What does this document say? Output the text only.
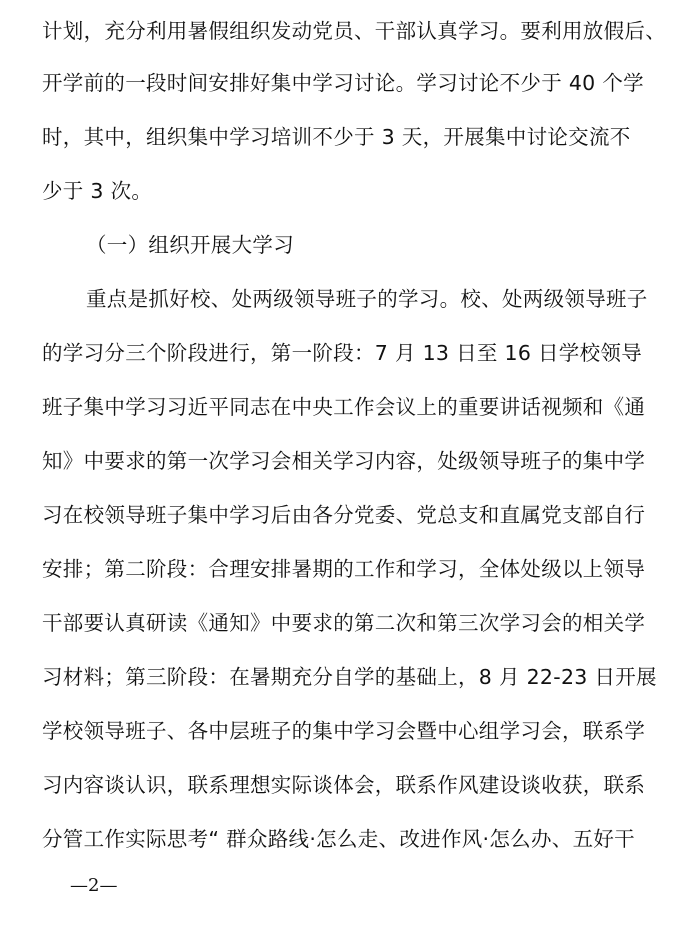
计划，充分利用暑假组织发动党员、干部认真学习。要利用放假后、
开学前的一段时间安排好集中学习讨论。学习讨论不少于 40 个学
时，其中，组织集中学习培训不少于 3 天，开展集中讨论交流不
少于 3 次。
（一）组织开展大学习
重点是抓好校、处两级领导班子的学习。校、处两级领导班子
的学习分三个阶段进行，第一阶段：7 月 13 日至 16 日学校领导
班子集中学习习近平同志在中央工作会议上的重要讲话视频和《通
知》中要求的第一次学习会相关学习内容，处级领导班子的集中学
习在校领导班子集中学习后由各分党委、党总支和直属党支部自行
安排；第二阶段：合理安排暑期的工作和学习，全体处级以上领导
干部要认真研读《通知》中要求的第二次和第三次学习会的相关学
习材料；第三阶段：在暑期充分自学的基础上，8 月 22-23 日开展
学校领导班子、各中层班子的集中学习会暨中心组学习会，联系学
习内容谈认识，联系理想实际谈体会，联系作风建设谈收获，联系
分管工作实际思考“ 群众路线·怎么走、改进作风·怎么办、五好干
—2—
